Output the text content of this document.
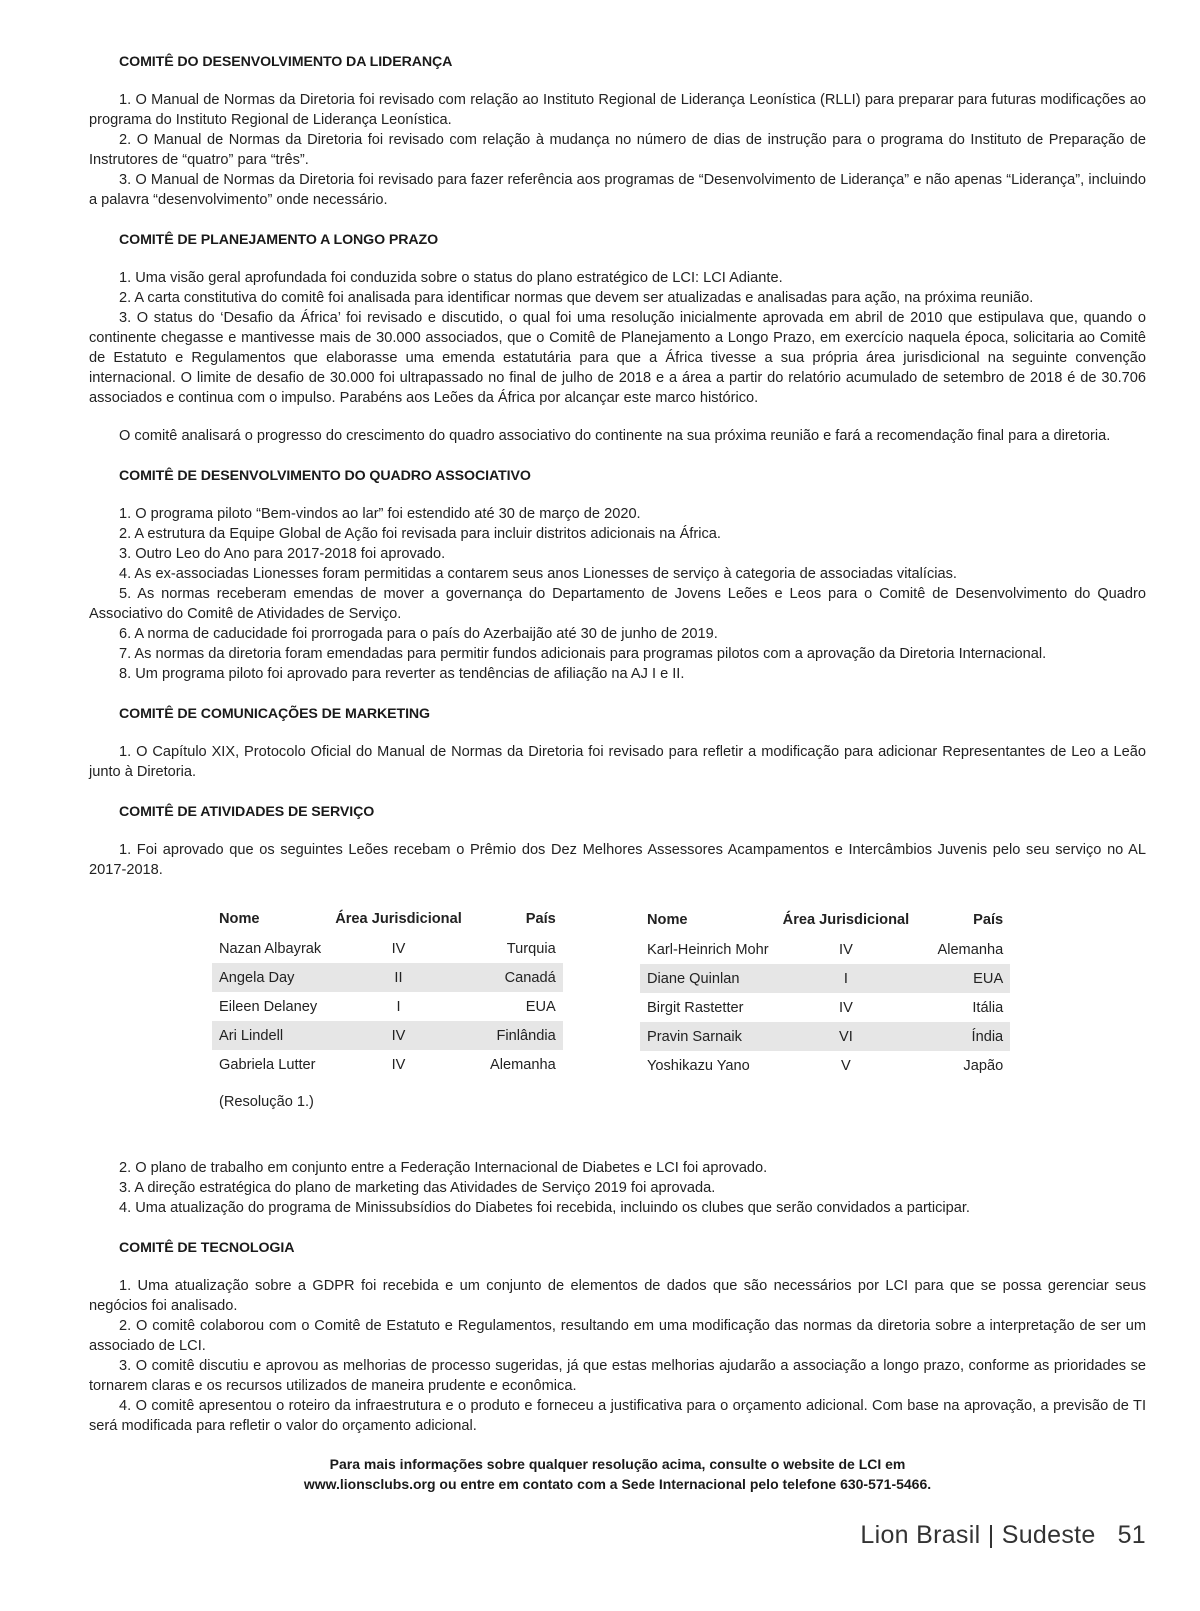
COMITÊ DO DESENVOLVIMENTO DA LIDERANÇA

1. O Manual de Normas da Diretoria foi revisado com relação ao Instituto Regional de Liderança Leonística (RLLI) para preparar para futuras modificações ao programa do Instituto Regional de Liderança Leonística.

2. O Manual de Normas da Diretoria foi revisado com relação à mudança no número de dias de instrução para o programa do Instituto de Preparação de Instrutores de “quatro” para “três”.

3. O Manual de Normas da Diretoria foi revisado para fazer referência aos programas de “Desenvolvimento de Liderança” e não apenas “Liderança”, incluindo a palavra “desenvolvimento” onde necessário.

COMITÊ DE PLANEJAMENTO A LONGO PRAZO

1. Uma visão geral aprofundada foi conduzida sobre o status do plano estratégico de LCI: LCI Adiante.

2. A carta constitutiva do comitê foi analisada para identificar normas que devem ser atualizadas e analisadas para ação, na próxima reunião.

3. O status do ‘Desafio da África’ foi revisado e discutido, o qual foi uma resolução inicialmente aprovada em abril de 2010 que estipulava que, quando o continente chegasse e mantivesse mais de 30.000 associados, que o Comitê de Planejamento a Longo Prazo, em exercício naquela época, solicitaria ao Comitê de Estatuto e Regulamentos que elaborasse uma emenda estatutária para que a África tivesse a sua própria área jurisdicional na seguinte convenção internacional. O limite de desafio de 30.000 foi ultrapassado no final de julho de 2018 e a área a partir do relatório acumulado de setembro de 2018 é de 30.706 associados e continua com o impulso. Parabéns aos Leões da África por alcançar este marco histórico.

O comitê analisará o progresso do crescimento do quadro associativo do continente na sua próxima reunião e fará a recomendação final para a diretoria.

COMITÊ DE DESENVOLVIMENTO DO QUADRO ASSOCIATIVO

1. O programa piloto “Bem-vindos ao lar” foi estendido até 30 de março de 2020.

2. A estrutura da Equipe Global de Ação foi revisada para incluir distritos adicionais na África.

3. Outro Leo do Ano para 2017-2018 foi aprovado.

4. As ex-associadas Lionesses foram permitidas a contarem seus anos Lionesses de serviço à categoria de associadas vitalícias.

5. As normas receberam emendas de mover a governança do Departamento de Jovens Leões e Leos para o Comitê de Desenvolvimento do Quadro Associativo do Comitê de Atividades de Serviço.

6. A norma de caducidade foi prorrogada para o país do Azerbaijão até 30 de junho de 2019.

7. As normas da diretoria foram emendadas para permitir fundos adicionais para programas pilotos com a aprovação da Diretoria Internacional.

8. Um programa piloto foi aprovado para reverter as tendências de afiliação na AJ I e II.

COMITÊ DE COMUNICAÇÕES DE MARKETING

1. O Capítulo XIX, Protocolo Oficial do Manual de Normas da Diretoria foi revisado para refletir a modificação para adicionar Representantes de Leo a Leão junto à Diretoria.

COMITÊ DE ATIVIDADES DE SERVIÇO

1. Foi aprovado que os seguintes Leões recebam o Prêmio dos Dez Melhores Assessores Acampamentos e Intercâmbios Juvenis pelo seu serviço no AL 2017-2018.

Nome	Área Jurisdicional	País
Nazan Albayrak	IV	Turquia
Angela Day	II	Canadá
Eileen Delaney	I	EUA
Ari Lindell	IV	Finlândia
Gabriela Lutter	IV	Alemanha
Nome	Área Jurisdicional	País
Karl-Heinrich Mohr	IV	Alemanha
Diane Quinlan	I	EUA
Birgit Rastetter	IV	Itália
Pravin Sarnaik	VI	Índia
Yoshikazu Yano	V	Japão
(Resolução 1.)

2. O plano de trabalho em conjunto entre a Federação Internacional de Diabetes e LCI foi aprovado.

3. A direção estratégica do plano de marketing das Atividades de Serviço 2019 foi aprovada.

4. Uma atualização do programa de Minissubsídios do Diabetes foi recebida, incluindo os clubes que serão convidados a participar.

COMITÊ DE TECNOLOGIA

1. Uma atualização sobre a GDPR foi recebida e um conjunto de elementos de dados que são necessários por LCI para que se possa gerenciar seus negócios foi analisado.

2. O comitê colaborou com o Comitê de Estatuto e Regulamentos, resultando em uma modificação das normas da diretoria sobre a interpretação de ser um associado de LCI.

3. O comitê discutiu e aprovou as melhorias de processo sugeridas, já que estas melhorias ajudarão a associação a longo prazo, conforme as prioridades se tornarem claras e os recursos utilizados de maneira prudente e econômica.

4. O comitê apresentou o roteiro da infraestrutura e o produto e forneceu a justificativa para o orçamento adicional. Com base na aprovação, a previsão de TI será modificada para refletir o valor do orçamento adicional.

Para mais informações sobre qualquer resolução acima, consulte o website de LCI em
www.lionsclubs.org ou entre em contato com a Sede Internacional pelo telefone 630-571-5466.
Lion Brasil | Sudeste 51
